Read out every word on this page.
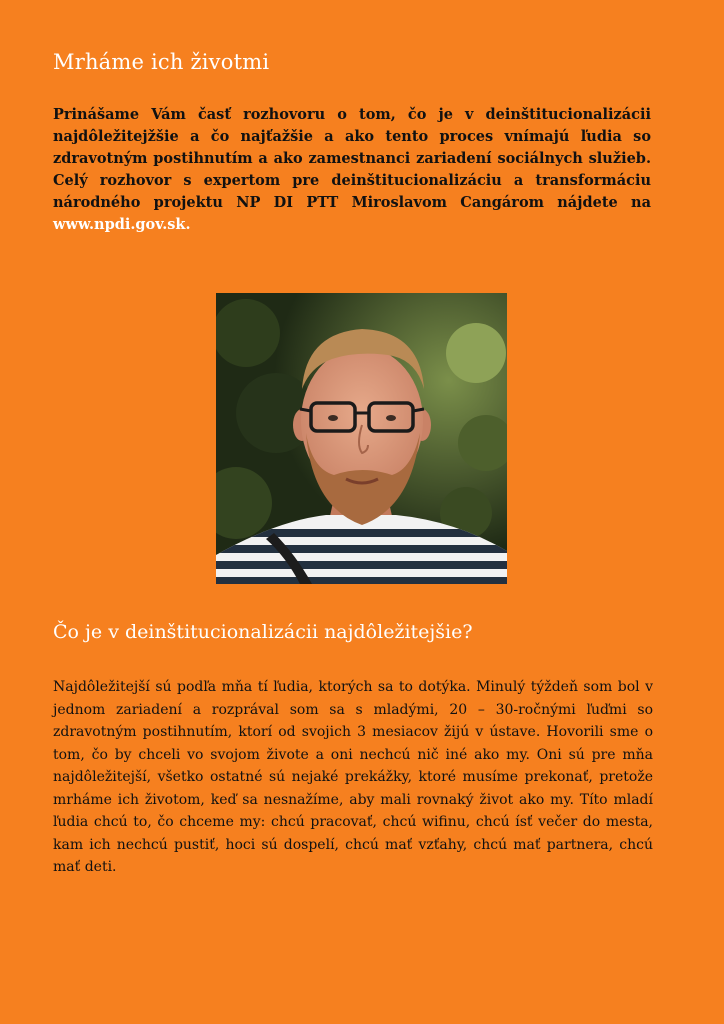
Mrháme ich životmi

Prinášame Vám časť rozhovoru o tom, čo je v deinštitucionalizácii najdôležitejžšie a čo najťažšie a ako tento proces vnímajú ľudia so zdravotným postihnutím a ako zamestnanci zariadení sociálnych služieb. Celý rozhovor s expertom pre deinštitucionalizáciu a transformáciu národného projektu NP DI PTT Miroslavom Cangárom nájdete na www.npdi.gov.sk.

Čo je v deinštitucionalizácii najdôležitejšie?

Najdôležitejší sú podľa mňa tí ľudia, ktorých sa to dotýka. Minulý týždeň som bol v jednom zariadení a rozprával som sa s mladými, 20 – 30-ročnými ľuďmi so zdravotným postihnutím, ktorí od svojich 3 mesiacov žijú v ústave. Hovorili sme o tom, čo by chceli vo svojom živote a oni nechcú nič iné ako my. Oni sú pre mňa najdôležitejší, všetko ostatné sú nejaké prekážky, ktoré musíme prekonať, pretože mrháme ich životom, keď sa nesnažíme, aby mali rovnaký život ako my. Títo mladí ľudia chcú to, čo chceme my: chcú pracovať, chcú wifinu, chcú ísť večer do mesta, kam ich nechcú pustiť, hoci sú dospelí, chcú mať vzťahy, chcú mať partnera, chcú mať deti.
